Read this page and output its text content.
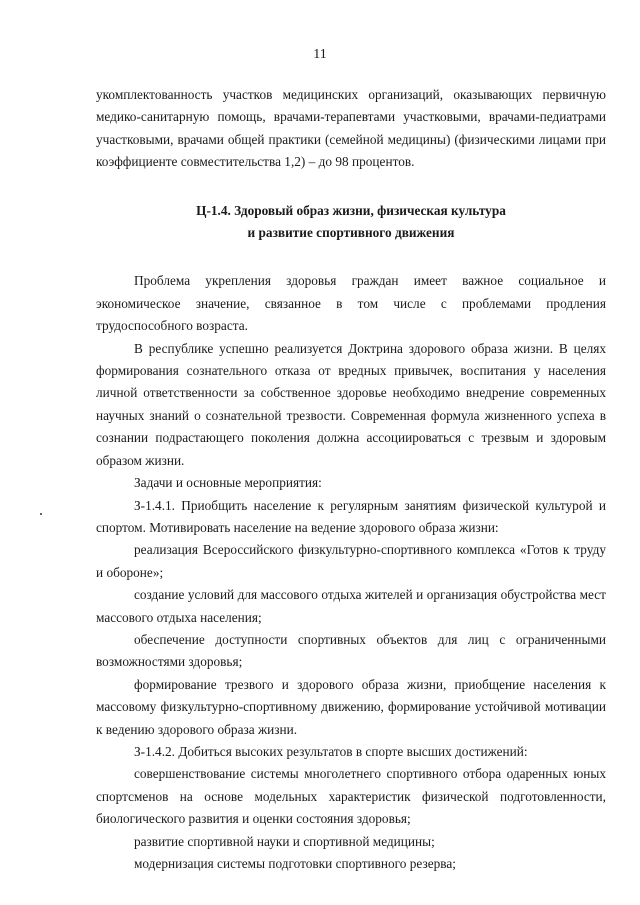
11

укомплектованность участков медицинских организаций, оказывающих первичную медико-санитарную помощь, врачами-терапевтами участковыми, врачами-педиатрами участковыми, врачами общей практики (семейной медицины) (физическими лицами при коэффициенте совместительства 1,2) – до 98 процентов.

Ц-1.4. Здоровый образ жизни, физическая культура

и развитие спортивного движения

Проблема укрепления здоровья граждан имеет важное социальное и экономическое значение, связанное в том числе с проблемами продления трудоспособного возраста.

В республике успешно реализуется Доктрина здорового образа жизни. В целях формирования сознательного отказа от вредных привычек, воспитания у населения личной ответственности за собственное здоровье необходимо внедрение современных научных знаний о сознательной трезвости. Современная формула жизненного успеха в сознании подрастающего поколения должна ассоциироваться с трезвым и здоровым образом жизни.

Задачи и основные мероприятия:

З-1.4.1. Приобщить население к регулярным занятиям физической культурой и спортом. Мотивировать население на ведение здорового образа жизни:

реализация Всероссийского физкультурно-спортивного комплекса «Готов к труду и обороне»;

создание условий для массового отдыха жителей и организация обустройства мест массового отдыха населения;

обеспечение доступности спортивных объектов для лиц с ограниченными возможностями здоровья;

формирование трезвого и здорового образа жизни, приобщение населения к массовому физкультурно-спортивному движению, формирование устойчивой мотивации к ведению здорового образа жизни.

З-1.4.2. Добиться высоких результатов в спорте высших достижений:

совершенствование системы многолетнего спортивного отбора одаренных юных спортсменов на основе модельных характеристик физической подготовленности, биологического развития и оценки состояния здоровья;

развитие спортивной науки и спортивной медицины;

модернизация системы подготовки спортивного резерва;
